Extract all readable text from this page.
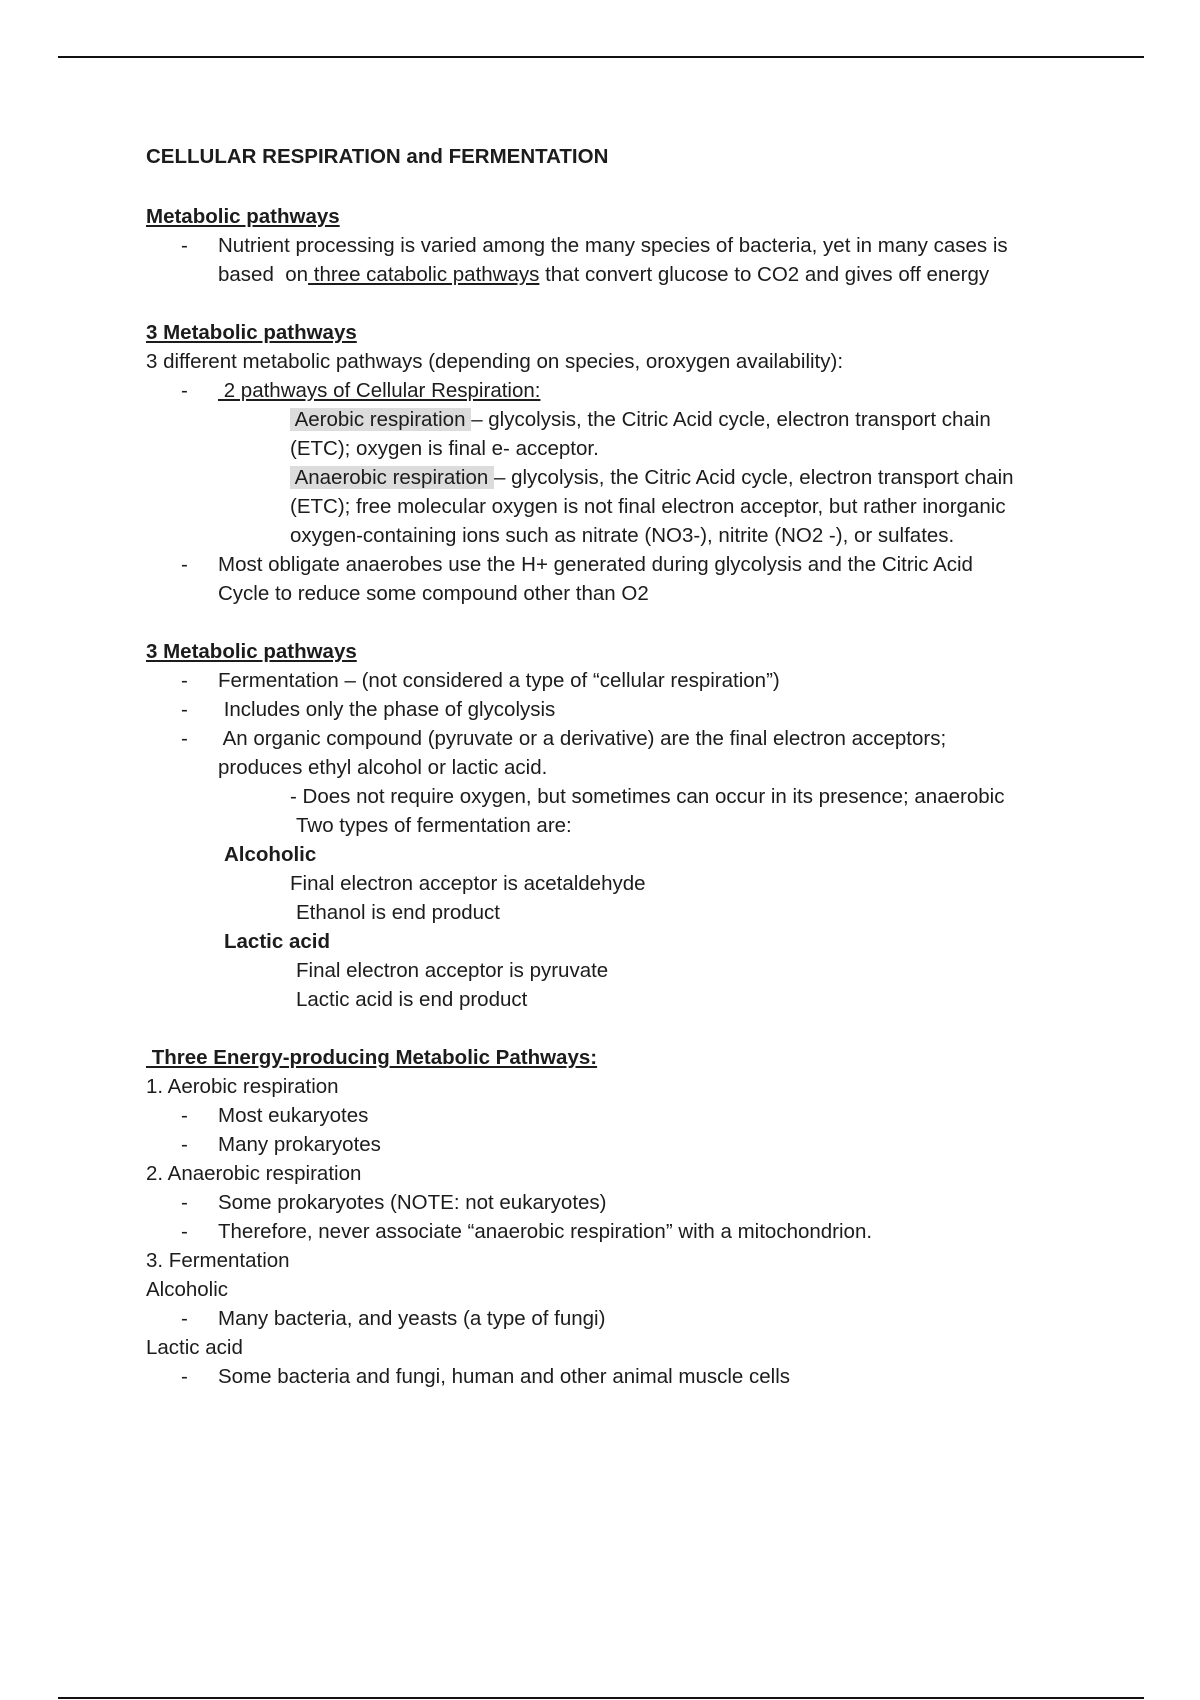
CELLULAR RESPIRATION and FERMENTATION
Metabolic pathways
- Nutrient processing is varied among the many species of bacteria, yet in many cases is
based  on three catabolic pathways that convert glucose to CO2 and gives off energy
3 Metabolic pathways
3 different metabolic pathways (depending on species, oroxygen availability):
-  2 pathways of Cellular Respiration:
Aerobic respiration – glycolysis, the Citric Acid cycle, electron transport chain
(ETC); oxygen is final e- acceptor.
Anaerobic respiration – glycolysis, the Citric Acid cycle, electron transport chain
(ETC); free molecular oxygen is not final electron acceptor, but rather inorganic
oxygen-containing ions such as nitrate (NO3-), nitrite (NO2 -), or sulfates.
- Most obligate anaerobes use the H+ generated during glycolysis and the Citric Acid
Cycle to reduce some compound other than O2
3 Metabolic pathways
- Fermentation – (not considered a type of “cellular respiration”)
-  Includes only the phase of glycolysis
-  An organic compound (pyruvate or a derivative) are the final electron acceptors;
produces ethyl alcohol or lactic acid.
- Does not require oxygen, but sometimes can occur in its presence; anaerobic
Two types of fermentation are:
Alcoholic
Final electron acceptor is acetaldehyde
Ethanol is end product
Lactic acid
Final electron acceptor is pyruvate
Lactic acid is end product
Three Energy-producing Metabolic Pathways:
1. Aerobic respiration
- Most eukaryotes
- Many prokaryotes
2. Anaerobic respiration
- Some prokaryotes (NOTE: not eukaryotes)
- Therefore, never associate “anaerobic respiration” with a mitochondrion.
3. Fermentation
Alcoholic
- Many bacteria, and yeasts (a type of fungi)
Lactic acid
- Some bacteria and fungi, human and other animal muscle cells
